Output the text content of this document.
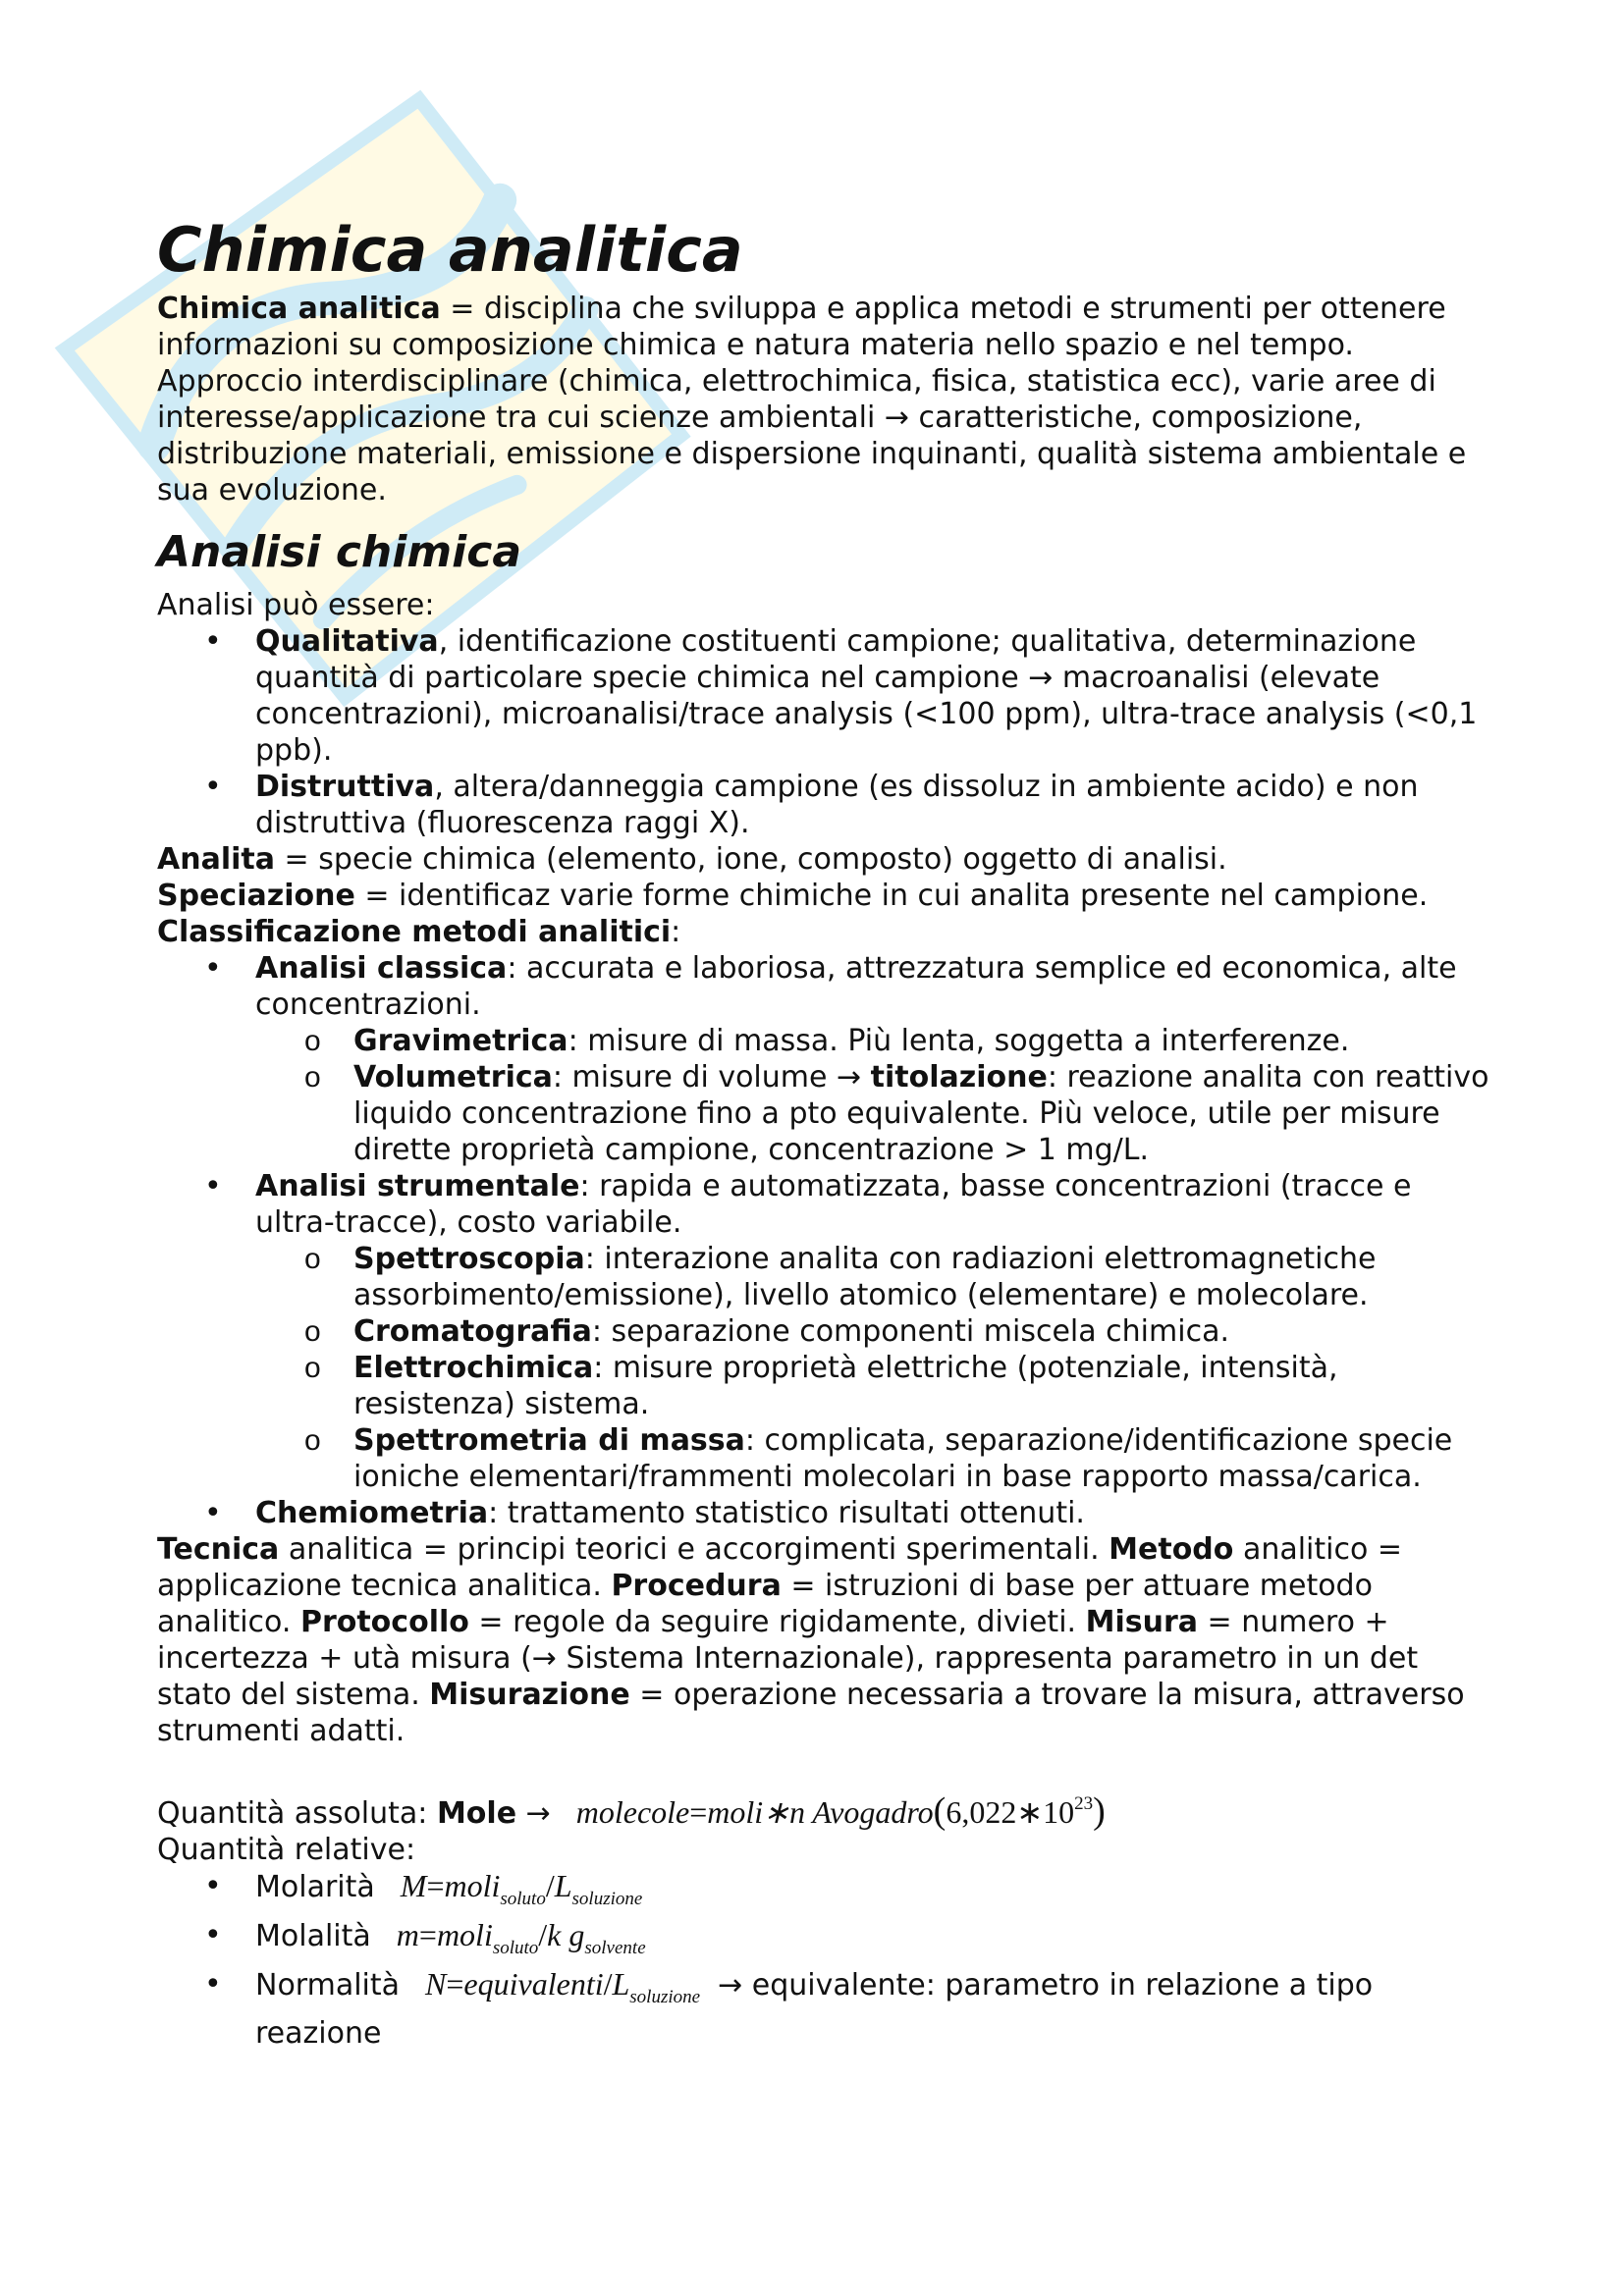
Chimica analitica

Chimica analitica = disciplina che sviluppa e applica metodi e strumenti per ottenere informazioni su composizione chimica e natura materia nello spazio e nel tempo. Approccio interdisciplinare (chimica, elettrochimica, fisica, statistica ecc), varie aree di interesse/applicazione tra cui scienze ambientali → caratteristiche, composizione, distribuzione materiali, emissione e dispersione inquinanti, qualità sistema ambientale e sua evoluzione.

Analisi chimica

Analisi può essere:

• Qualitativa, identificazione costituenti campione; qualitativa, determinazione quantità di particolare specie chimica nel campione → macroanalisi (elevate concentrazioni), microanalisi/trace analysis (<100 ppm), ultra-trace analysis (<0,1 ppb).
• Distruttiva, altera/danneggia campione (es dissoluz in ambiente acido) e non distruttiva (fluorescenza raggi X).

Analita = specie chimica (elemento, ione, composto) oggetto di analisi.

Speciazione = identificaz varie forme chimiche in cui analita presente nel campione.

Classificazione metodi analitici:

• Analisi classica: accurata e laboriosa, attrezzatura semplice ed economica, alte concentrazioni.
o Gravimetrica: misure di massa. Più lenta, soggetta a interferenze.
o Volumetrica: misure di volume → titolazione: reazione analita con reattivo liquido concentrazione fino a pto equivalente. Più veloce, utile per misure dirette proprietà campione, concentrazione > 1 mg/L.
• Analisi strumentale: rapida e automatizzata, basse concentrazioni (tracce e ultra-tracce), costo variabile.
o Spettroscopia: interazione analita con radiazioni elettromagnetiche assorbimento/emissione), livello atomico (elementare) e molecolare.
o Cromatografia: separazione componenti miscela chimica.
o Elettrochimica: misure proprietà elettriche (potenziale, intensità, resistenza) sistema.
o Spettrometria di massa: complicata, separazione/identificazione specie ioniche elementari/frammenti molecolari in base rapporto massa/carica.
• Chemiometria: trattamento statistico risultati ottenuti.

Tecnica analitica = principi teorici e accorgimenti sperimentali. Metodo analitico = applicazione tecnica analitica. Procedura = istruzioni di base per attuare metodo analitico. Protocollo = regole da seguire rigidamente, divieti. Misura = numero + incertezza + utà misura (→ Sistema Internazionale), rappresenta parametro in un det stato del sistema. Misurazione = operazione necessaria a trovare la misura, attraverso strumenti adatti.

Quantità assoluta: Mole → molecole=moli∗n $Avogadro(6,022∗10^{23})$

Quantità relative:

• Molarità $M=moli_{soluto}/L_{soluzione}$
• Molalità m=moli$_{soluto}$/k $g_{solvente}$
• Normalità $N=equivalenti/L_{soluzione}$ → equivalente: parametro in relazione a tipo reazione
